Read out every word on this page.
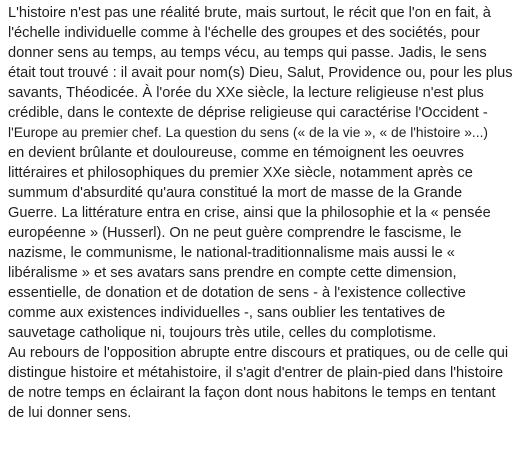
L'histoire n'est pas une réalité brute, mais surtout, le récit que l'on en fait, à
l'échelle individuelle comme à l'échelle des groupes et des sociétés, pour
donner sens au temps, au temps vécu, au temps qui passe. Jadis, le sens
était tout trouvé : il avait pour nom(s) Dieu, Salut, Providence ou, pour les plus
savants, Théodicée. À l'orée du XXe siècle, la lecture religieuse n'est plus
crédible, dans le contexte de déprise religieuse qui caractérise l'Occident -
l'Europe au premier chef. La question du sens (« de la vie », « de l'histoire »...)
en devient brûlante et douloureuse, comme en témoignent les oeuvres
littéraires et philosophiques du premier XXe siècle, notamment après ce
summum d'absurdité qu'aura constitué la mort de masse de la Grande
Guerre. La littérature entra en crise, ainsi que la philosophie et la « pensée
européenne » (Husserl). On ne peut guère comprendre le fascisme, le
nazisme, le communisme, le national-traditionnalisme mais aussi le «
libéralisme » et ses avatars sans prendre en compte cette dimension,
essentielle, de donation et de dotation de sens - à l'existence collective
comme aux existences individuelles -, sans oublier les tentatives de
sauvetage catholique ni, toujours très utile, celles du complotisme.
Au rebours de l'opposition abrupte entre discours et pratiques, ou de celle qui
distingue histoire et métahistoire, il s'agit d'entrer de plain-pied dans l'histoire
de notre temps en éclairant la façon dont nous habitons le temps en tentant
de lui donner sens.
